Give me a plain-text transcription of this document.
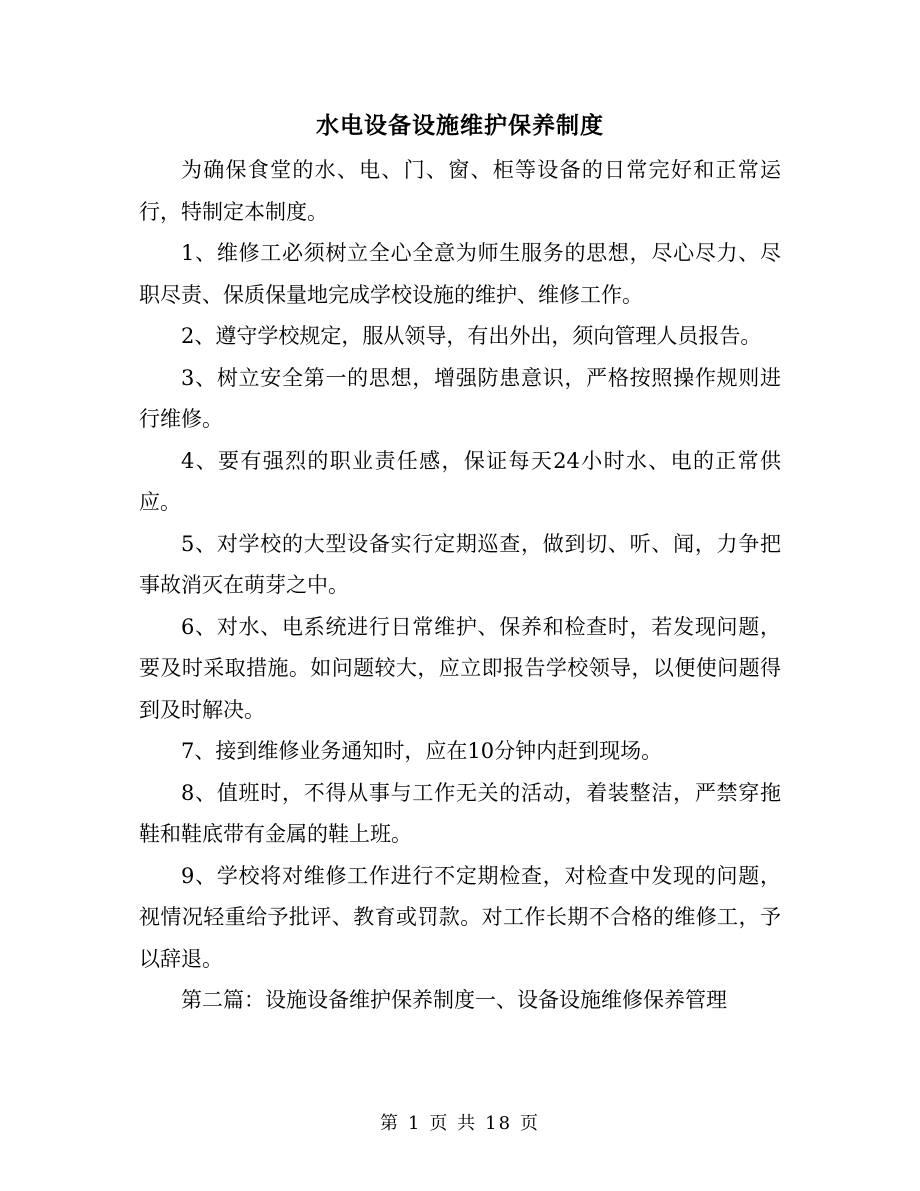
水电设备设施维护保养制度

为确保食堂的水、电、门、窗、柜等设备的日常完好和正常运行，特制定本制度。

1、维修工必须树立全心全意为师生服务的思想，尽心尽力、尽职尽责、保质保量地完成学校设施的维护、维修工作。

2、遵守学校规定，服从领导，有出外出，须向管理人员报告。

3、树立安全第一的思想，增强防患意识，严格按照操作规则进行维修。

4、要有强烈的职业责任感，保证每天24小时水、电的正常供应。

5、对学校的大型设备实行定期巡查，做到切、听、闻，力争把事故消灭在萌芽之中。

6、对水、电系统进行日常维护、保养和检查时，若发现问题，要及时采取措施。如问题较大，应立即报告学校领导，以便使问题得到及时解决。

7、接到维修业务通知时，应在10分钟内赶到现场。

8、值班时，不得从事与工作无关的活动，着装整洁，严禁穿拖鞋和鞋底带有金属的鞋上班。

9、学校将对维修工作进行不定期检查，对检查中发现的问题，视情况轻重给予批评、教育或罚款。对工作长期不合格的维修工，予以辞退。

第二篇：设施设备维护保养制度一、设备设施维修保养管理

第 1 页 共 18 页
